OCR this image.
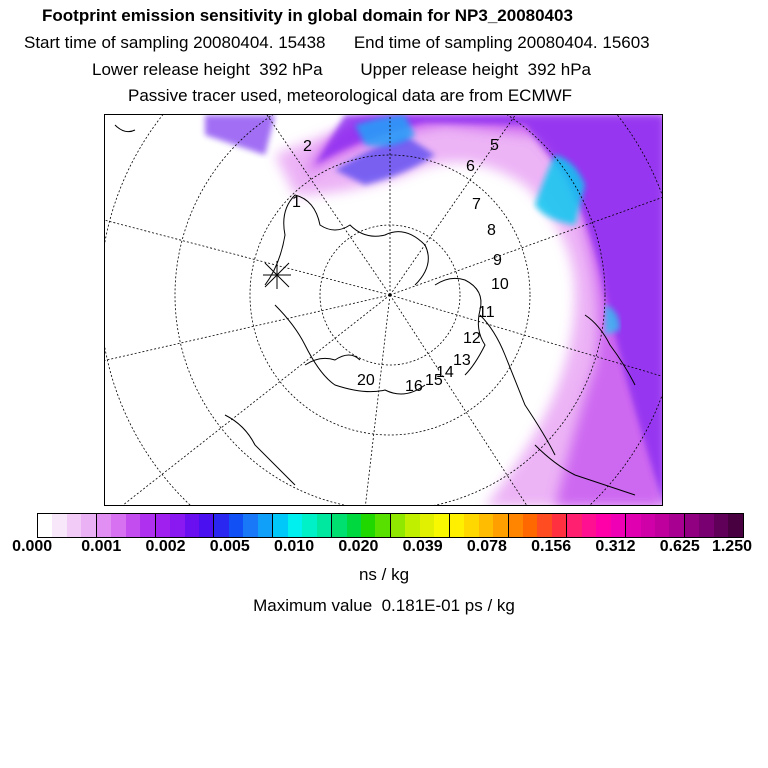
Footprint emission sensitivity in global domain for NP3_20080403
Start time of sampling 20080404. 15438      End time of sampling 20080404. 15603
Lower release height  392 hPa        Upper release height  392 hPa
Passive tracer used, meteorological data are from ECMWF
1
2	5
6
7
8
9
10
11
12
13
14
15
16
20
0.000 0.001 0.002 0.005 0.010 0.020 0.039 0.078 0.156 0.312 0.625 1.250
ns / kg
Maximum value  0.181E-01 ps / kg
